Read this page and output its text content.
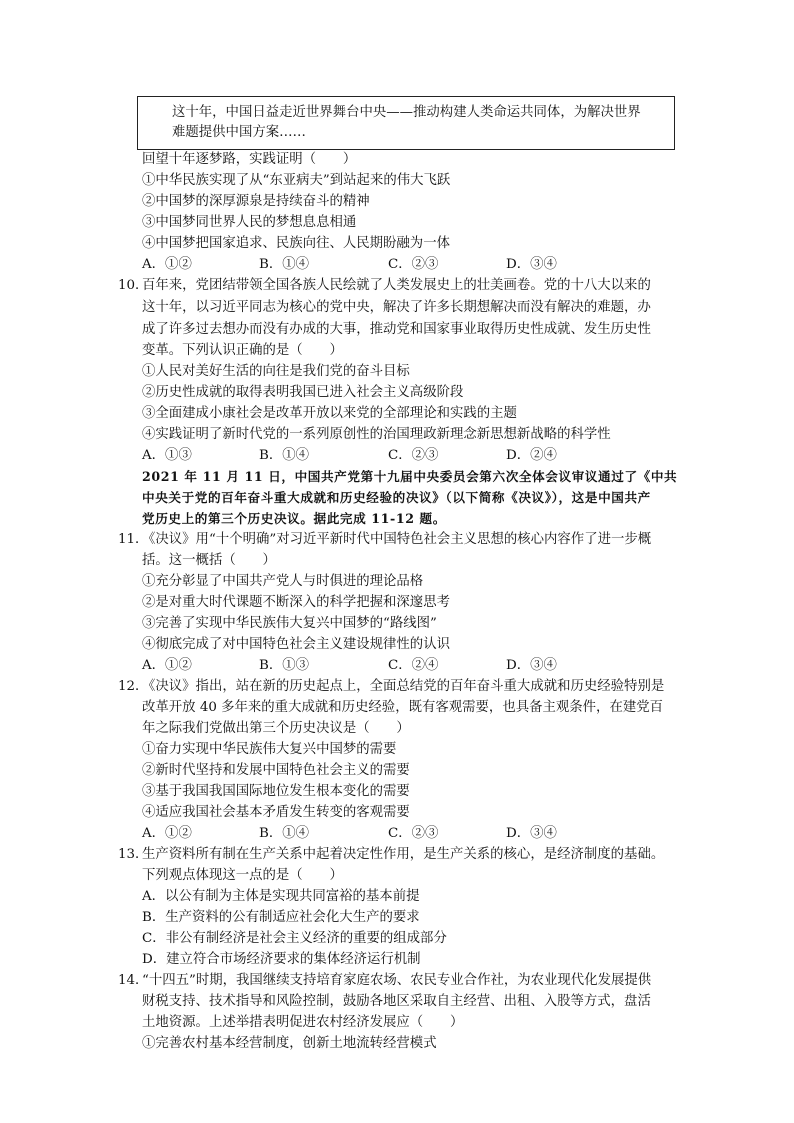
这十年，中国日益走近世界舞台中央——推动构建人类命运共同体，为解决世界
难题提供中国方案……
回望十年逐梦路，实践证明（　　）
①中华民族实现了从“东亚病夫”到站起来的伟大飞跃
②中国梦的深厚源泉是持续奋斗的精神
③中国梦同世界人民的梦想息息相通
④中国梦把国家追求、民族向往、人民期盼融为一体
A．①②	B．①④	C．②③	D．③④
10．
百年来，党团结带领全国各族人民绘就了人类发展史上的壮美画卷。党的十八大以来的
这十年，以习近平同志为核心的党中央，解决了许多长期想解决而没有解决的难题，办
成了许多过去想办而没有办成的大事，推动党和国家事业取得历史性成就、发生历史性
变革。下列认识正确的是（　　）
①人民对美好生活的向往是我们党的奋斗目标
②历史性成就的取得表明我国已进入社会主义高级阶段
③全面建成小康社会是改革开放以来党的全部理论和实践的主题
④实践证明了新时代党的一系列原创性的治国理政新理念新思想新战略的科学性
A．①③	B．①④	C．②③	D．②④
2021 年 11 月 11 日，中国共产党第十九届中央委员会第六次全体会议审议通过了《中共
中央关于党的百年奋斗重大成就和历史经验的决议》（以下简称《决议》），这是中国共产
党历史上的第三个历史决议。据此完成 11-12 题。
11．
《决议》用“十个明确”对习近平新时代中国特色社会主义思想的核心内容作了进一步概
括。这一概括（　　）
①充分彰显了中国共产党人与时俱进的理论品格
②是对重大时代课题不断深入的科学把握和深邃思考
③完善了实现中华民族伟大复兴中国梦的“路线图”
④彻底完成了对中国特色社会主义建设规律性的认识
A．①②	B．①③	C．②④	D．③④
12．
《决议》指出，站在新的历史起点上，全面总结党的百年奋斗重大成就和历史经验特别是
改革开放 40 多年来的重大成就和历史经验，既有客观需要，也具备主观条件，在建党百
年之际我们党做出第三个历史决议是（　　）
①奋力实现中华民族伟大复兴中国梦的需要
②新时代坚持和发展中国特色社会主义的需要
③基于我国我国国际地位发生根本变化的需要
④适应我国社会基本矛盾发生转变的客观需要
A．①②	B．①④	C．②③	D．③④
13．
生产资料所有制在生产关系中起着决定性作用，是生产关系的核心，是经济制度的基础。
下列观点体现这一点的是（　　）
A．以公有制为主体是实现共同富裕的基本前提
B．生产资料的公有制适应社会化大生产的要求
C．非公有制经济是社会主义经济的重要的组成部分
D．建立符合市场经济要求的集体经济运行机制
14．
“十四五”时期，我国继续支持培育家庭农场、农民专业合作社，为农业现代化发展提供
财税支持、技术指导和风险控制，鼓励各地区采取自主经营、出租、入股等方式，盘活
土地资源。上述举措表明促进农村经济发展应（　　）
①完善农村基本经营制度，创新土地流转经营模式
